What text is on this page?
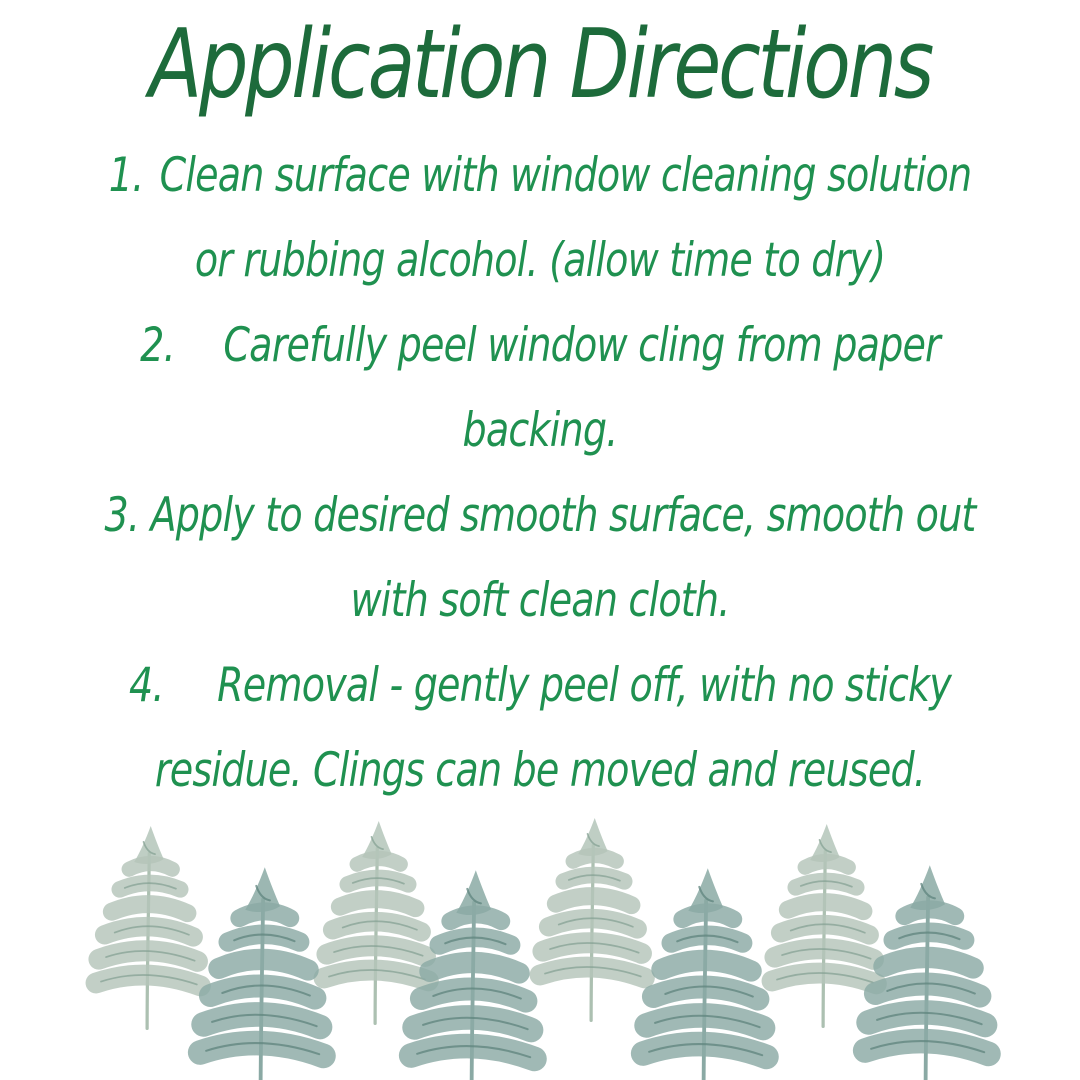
Application Directions
1. Clean surface with window cleaning solution
or rubbing alcohol. (allow time to dry)
2. Carefully peel window cling from paper
backing.
3. Apply to desired smooth surface, smooth out
with soft clean cloth.
4. Removal - gently peel off, with no sticky
residue. Clings can be moved and reused.
